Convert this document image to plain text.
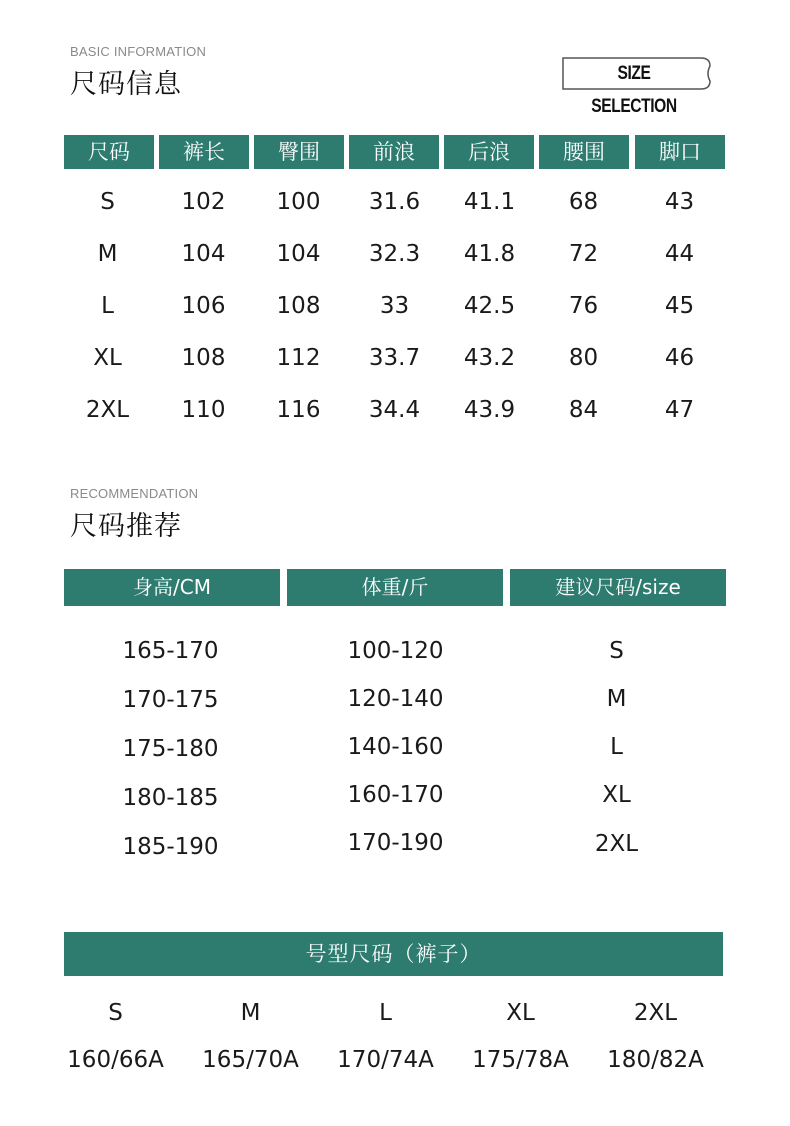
BASIC INFORMATION
尺码信息	SIZE SELECTION
尺码	裤长	臀围	前浪	后浪	腰围	脚口
S	102	100	31.6	41.1	68	43
M	104	104	32.3	41.8	72	44
L	106	108	33	42.5	76	45
XL	108	112	33.7	43.2	80	46
2XL	110	116	34.4	43.9	84	47
RECOMMENDATION
尺码推荐
身高/CM	体重/斤	建议尺码/size
165-170	100-120	S
170-175	120-140	M
175-180	140-160	L
180-185	160-170	XL
185-190	170-190	2XL
号型尺码（裤子）
S	M	L	XL	2XL
160/66A	165/70A	170/74A	175/78A	180/82A
